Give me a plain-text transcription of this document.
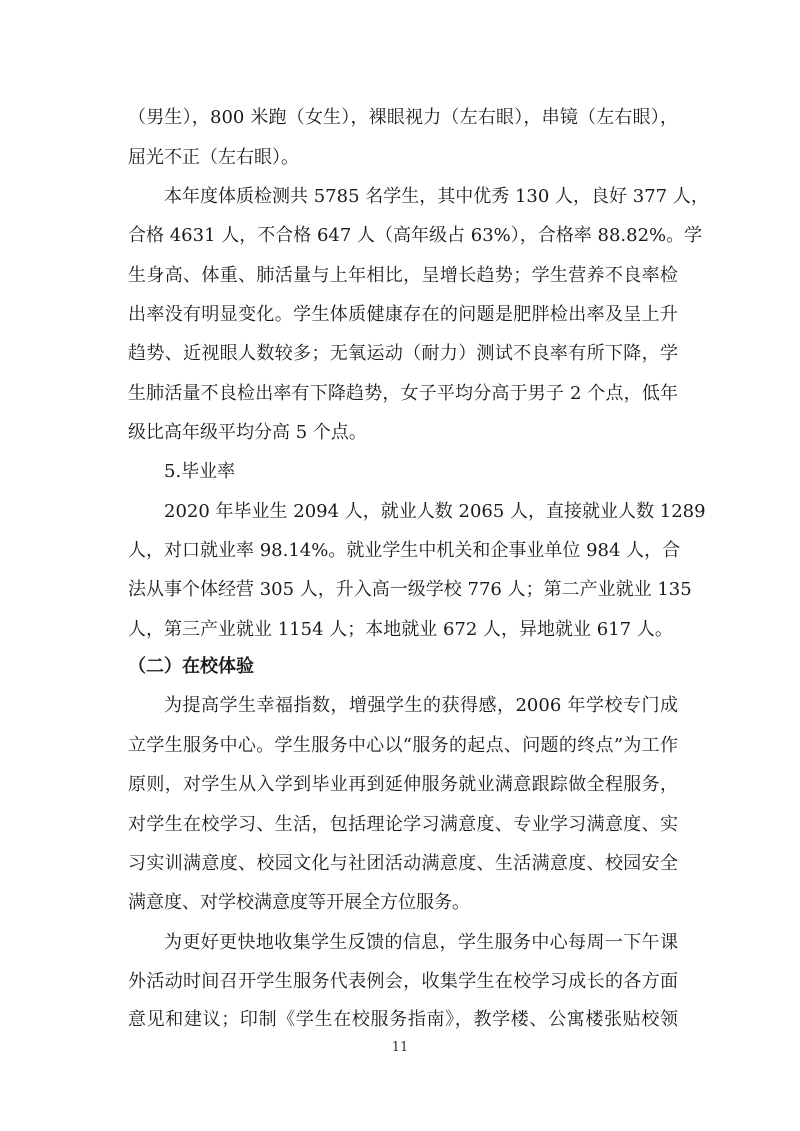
（男生），800 米跑（女生），裸眼视力（左右眼），串镜（左右眼），
屈光不正（左右眼）。
本年度体质检测共 5785 名学生，其中优秀 130 人，良好 377 人，
合格 4631 人，不合格 647 人（高年级占 63%），合格率 88.82%。学
生身高、体重、肺活量与上年相比，呈增长趋势；学生营养不良率检
出率没有明显变化。学生体质健康存在的问题是肥胖检出率及呈上升
趋势、近视眼人数较多；无氧运动（耐力）测试不良率有所下降，学
生肺活量不良检出率有下降趋势，女子平均分高于男子 2 个点，低年
级比高年级平均分高 5 个点。
5.毕业率
2020 年毕业生 2094 人，就业人数 2065 人，直接就业人数 1289
人，对口就业率 98.14%。就业学生中机关和企事业单位 984 人，合
法从事个体经营 305 人，升入高一级学校 776 人；第二产业就业 135
人，第三产业就业 1154 人；本地就业 672 人，异地就业 617 人。
（二）在校体验
为提高学生幸福指数，增强学生的获得感，2006 年学校专门成
立学生服务中心。学生服务中心以“服务的起点、问题的终点”为工作
原则，对学生从入学到毕业再到延伸服务就业满意跟踪做全程服务，
对学生在校学习、生活，包括理论学习满意度、专业学习满意度、实
习实训满意度、校园文化与社团活动满意度、生活满意度、校园安全
满意度、对学校满意度等开展全方位服务。
为更好更快地收集学生反馈的信息，学生服务中心每周一下午课
外活动时间召开学生服务代表例会，收集学生在校学习成长的各方面
意见和建议；印制《学生在校服务指南》，教学楼、公寓楼张贴校领
11
